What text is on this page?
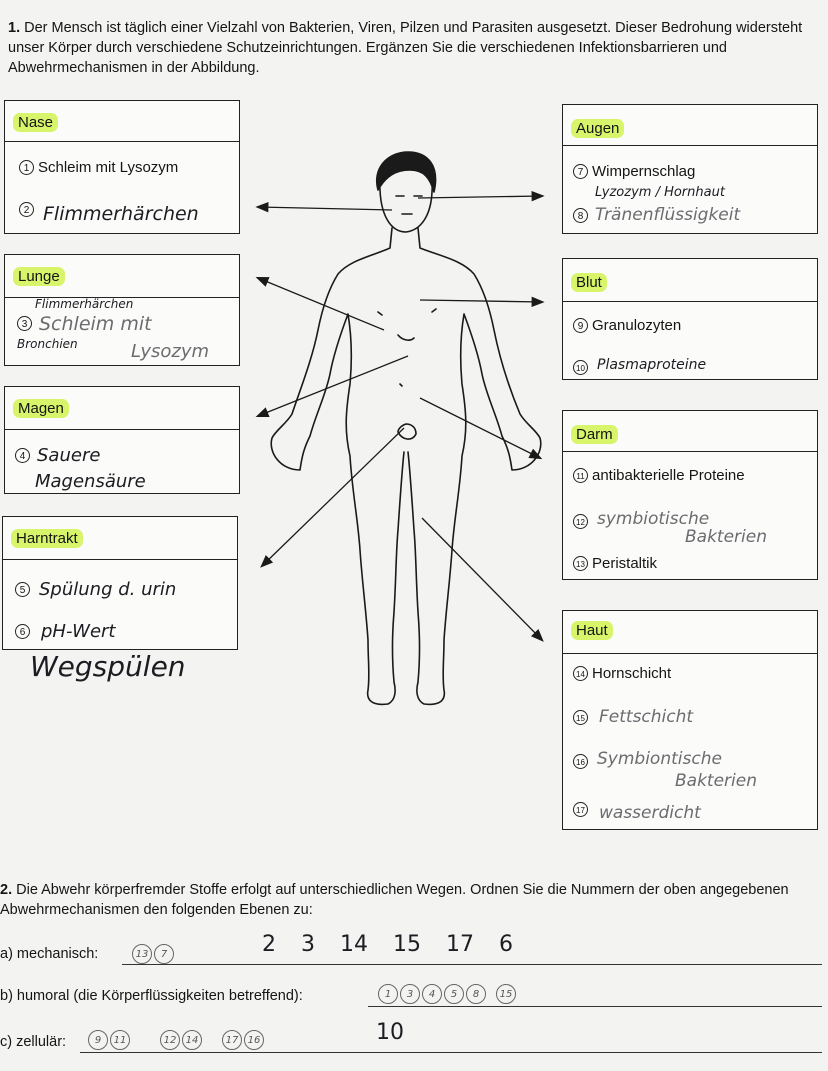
1. Der Mensch ist täglich einer Vielzahl von Bakterien, Viren, Pilzen und Parasiten ausgesetzt. Dieser Bedrohung widersteht unser Körper durch verschiedene Schutzeinrichtungen. Ergänzen Sie die verschiedenen Infektionsbarrieren und Abwehrmechanismen in der Abbildung.
Nase
1 Schleim mit Lysozym
2 Flimmerhärchen
Lunge
Flimmerhärchen
3 Schleim mit
Bronchien	Lysozym
Magen
4 Sauere
Magensäure
Harntrakt
5 Spülung d. urin
6 pH-Wert
Wegspülen
Augen
7 Wimpernschlag
Lyzozym / Hornhaut
8 Tränenflüssigkeit
Blut
9 Granulozyten
10 Plasmaproteine
Darm
11 antibakterielle Proteine
12 symbiotische
Bakterien
13 Peristaltik
Haut
14 Hornschicht
15 Fettschicht
16 Symbiontische
Bakterien
17 wasserdicht
2. Die Abwehr körperfremder Stoffe erfolgt auf unterschiedlichen Wegen. Ordnen Sie die Nummern der oben angegebenen Abwehrmechanismen den folgenden Ebenen zu:
a) mechanisch:	13 7	2 3 14 15 17 6
b) humoral (die Körperflüssigkeiten betreffend):	1 3 4 5 8 15
c) zellulär:	9 11	12 14	17 16	10
